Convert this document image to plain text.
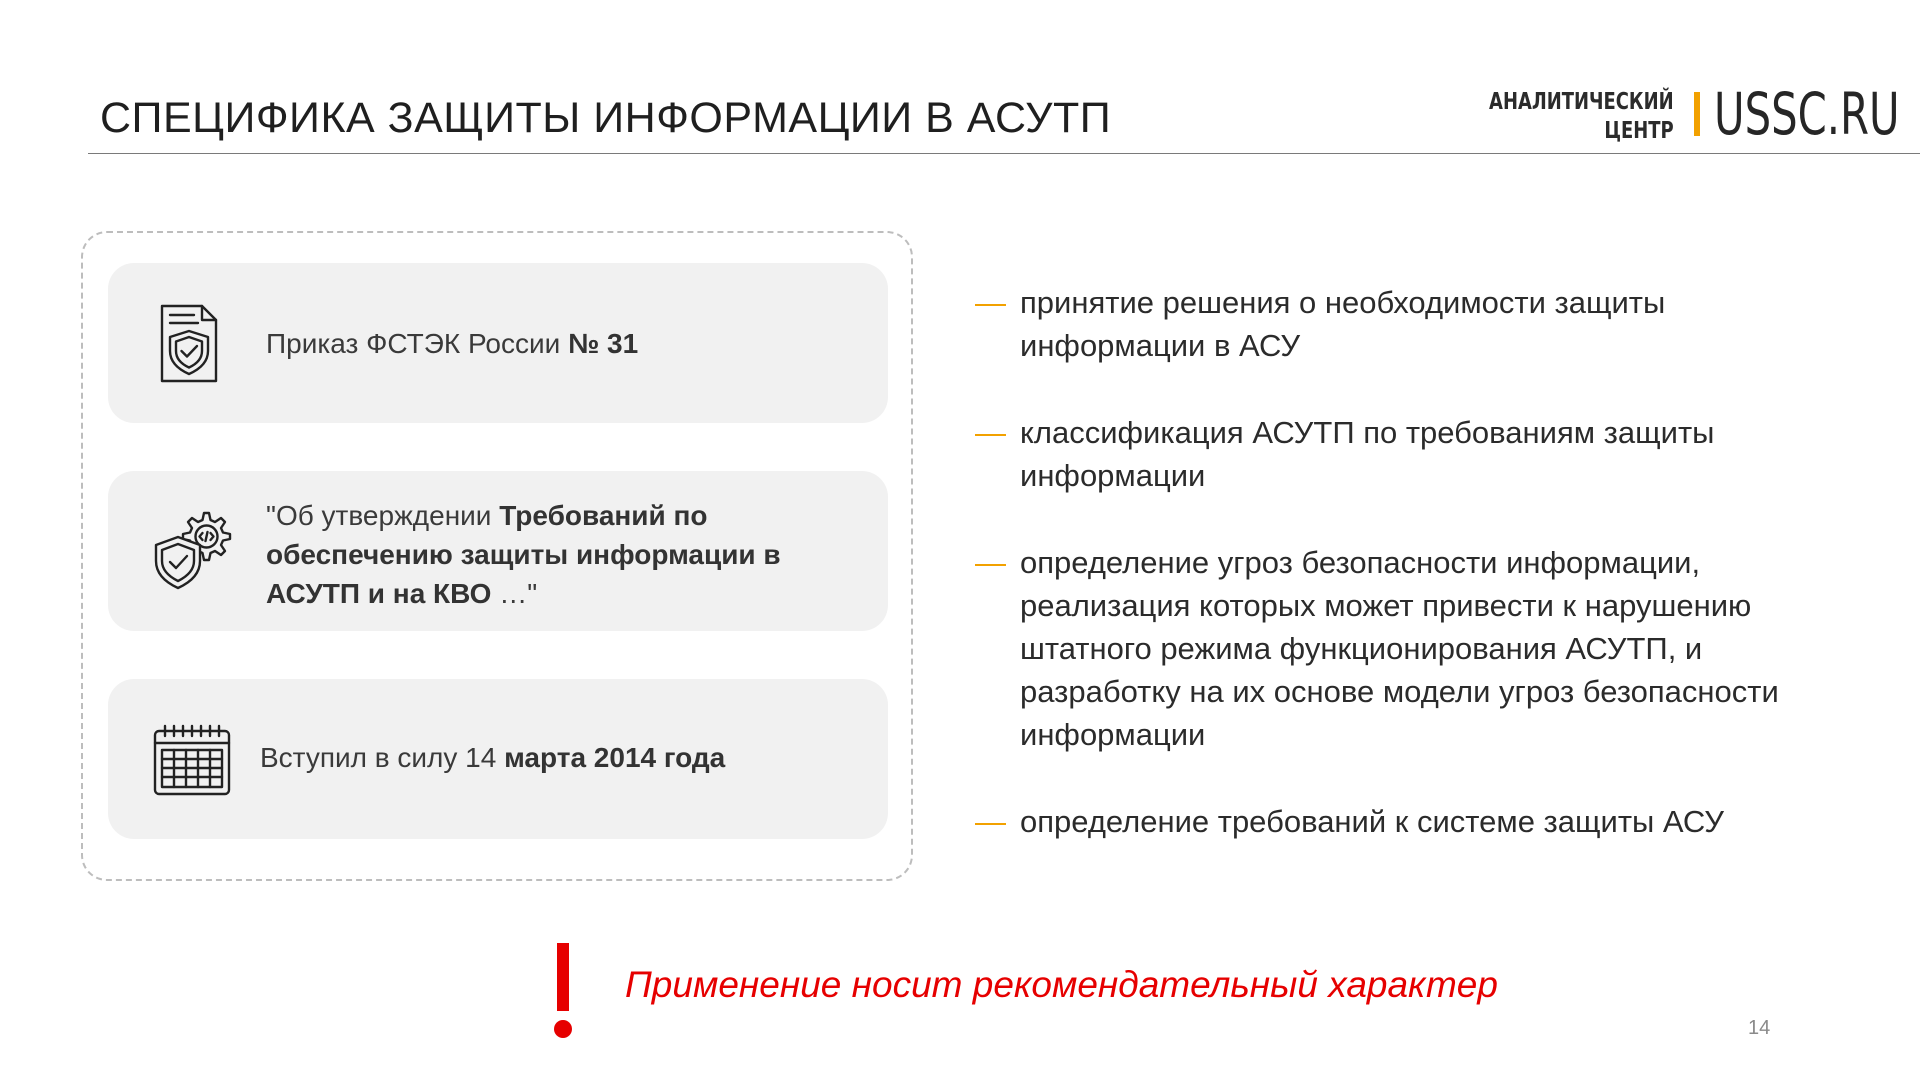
СПЕЦИФИКА ЗАЩИТЫ ИНФОРМАЦИИ В АСУТП	АНАЛИТИЧЕСКИЙ
ЦЕНТР USSC.RU
Приказ ФСТЭК России № 31
"Об утверждении Требований по обеспечению защиты информации в АСУТП и на КВО …"
Вступил в силу 14 марта 2014 года
— принятие решения о необходимости защиты информации в АСУ
— классификация АСУТП по требованиям защиты информации
— определение угроз безопасности информации, реализация которых может привести к нарушению штатного режима функционирования АСУТП, и разработку на их основе модели угроз безопасности информации
— определение требований к системе защиты АСУ
Применение носит рекомендательный характер
14
